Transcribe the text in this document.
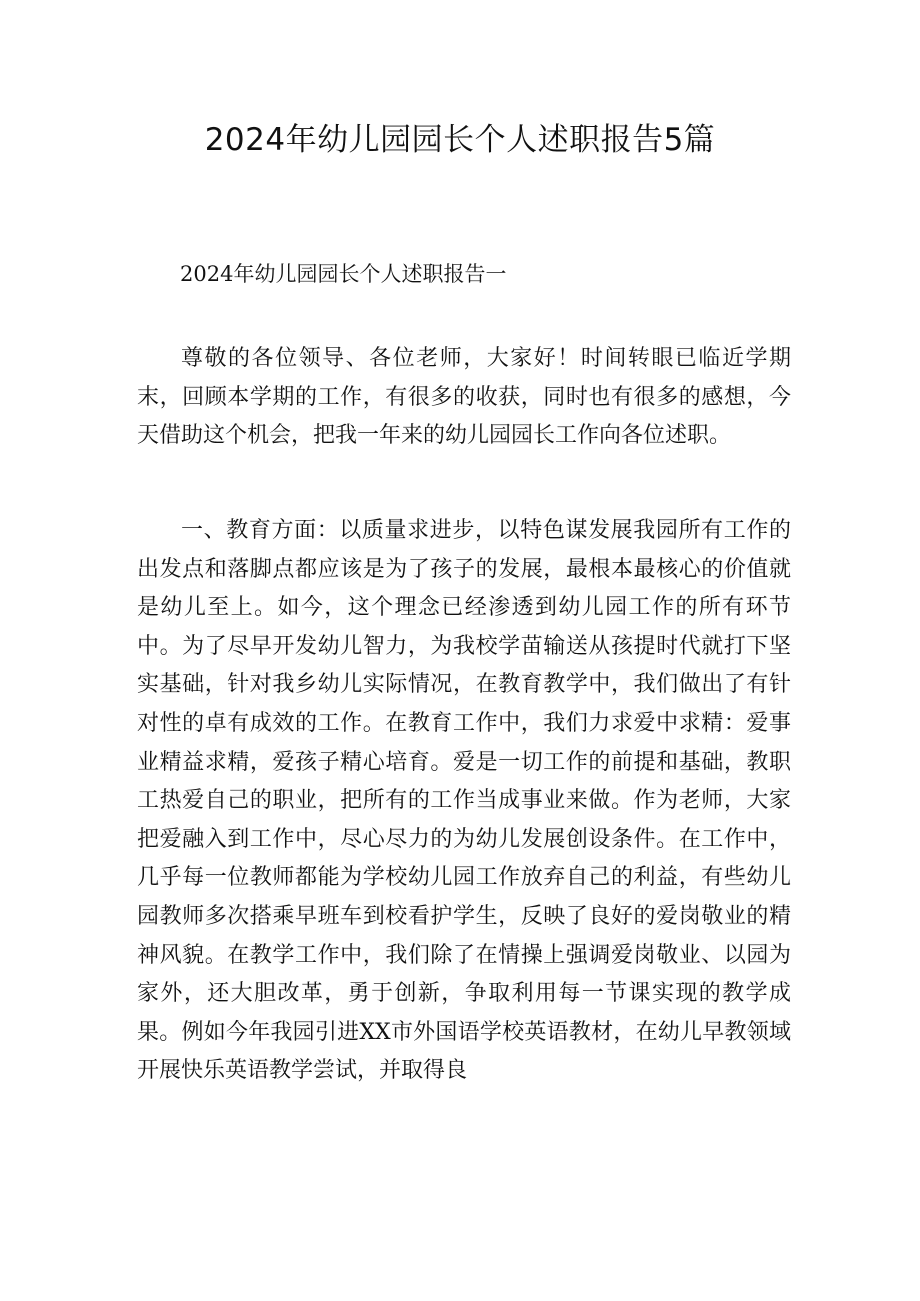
2024年幼儿园园长个人述职报告5篇

2024年幼儿园园长个人述职报告一

尊敬的各位领导、各位老师，大家好！时间转眼已临近学期末，回顾本学期的工作，有很多的收获，同时也有很多的感想，今天借助这个机会，把我一年来的幼儿园园长工作向各位述职。

一、教育方面：以质量求进步，以特色谋发展我园所有工作的出发点和落脚点都应该是为了孩子的发展，最根本最核心的价值就是幼儿至上。如今，这个理念已经渗透到幼儿园工作的所有环节中。为了尽早开发幼儿智力，为我校学苗输送从孩提时代就打下坚实基础，针对我乡幼儿实际情况，在教育教学中，我们做出了有针对性的卓有成效的工作。在教育工作中，我们力求爱中求精：爱事业精益求精，爱孩子精心培育。爱是一切工作的前提和基础，教职工热爱自己的职业，把所有的工作当成事业来做。作为老师，大家把爱融入到工作中，尽心尽力的为幼儿发展创设条件。在工作中，几乎每一位教师都能为学校幼儿园工作放弃自己的利益，有些幼儿园教师多次搭乘早班车到校看护学生，反映了良好的爱岗敬业的精神风貌。在教学工作中，我们除了在情操上强调爱岗敬业、以园为家外，还大胆改革，勇于创新，争取利用每一节课实现的教学成果。例如今年我园引进XX市外国语学校英语教材，在幼儿早教领域开展快乐英语教学尝试，并取得良
